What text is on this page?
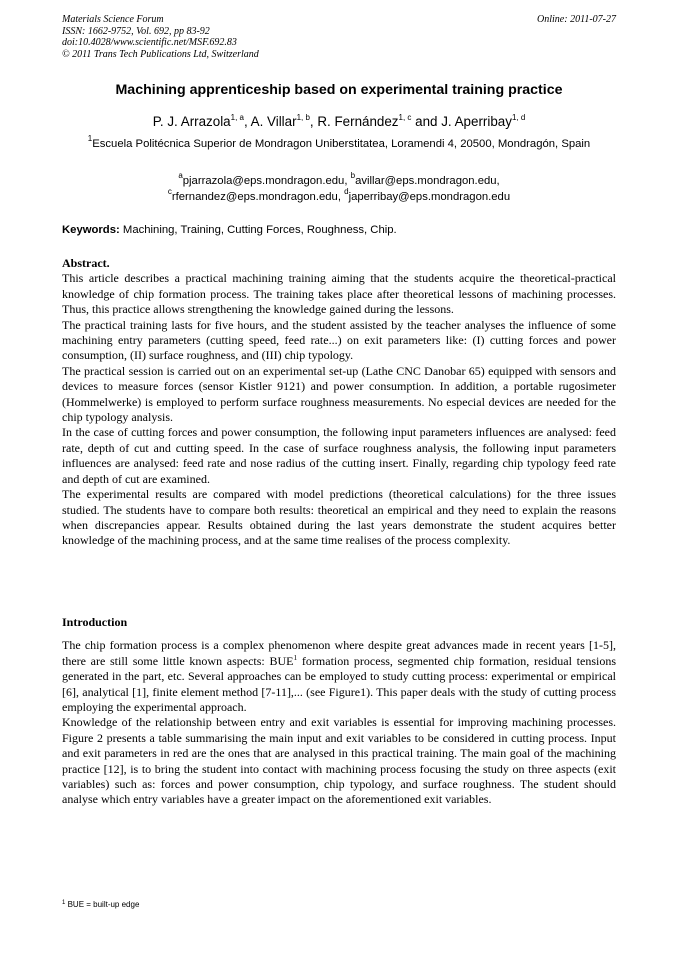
Materials Science Forum
ISSN: 1662-9752, Vol. 692, pp 83-92
doi:10.4028/www.scientific.net/MSF.692.83
© 2011 Trans Tech Publications Ltd, Switzerland
Online: 2011-07-27
Machining apprenticeship based on experimental training practice
P. J. Arrazola$^{1, a}$, A. Villar$^{1, b}$, R. Fernández$^{1, c}$ and J. Aperribay$^{1, d}$
$^1$Escuela Politécnica Superior de Mondragon Uniberstitatea, Loramendi 4, 20500, Mondragón, Spain
$^a$pjarrazola@eps.mondragon.edu, $^b$avillar@eps.mondragon.edu,
$^c$rfernandez@eps.mondragon.edu, $^d$japerribay@eps.mondragon.edu
Keywords: Machining, Training, Cutting Forces, Roughness, Chip.
Abstract.

This article describes a practical machining training aiming that the students acquire the theoretical-practical knowledge of chip formation process. The training takes place after theoretical lessons of machining processes. Thus, this practice allows strengthening the knowledge gained during the lessons.

The practical training lasts for five hours, and the student assisted by the teacher analyses the influence of some machining entry parameters (cutting speed, feed rate...) on exit parameters like: (I) cutting forces and power consumption, (II) surface roughness, and (III) chip typology.

The practical session is carried out on an experimental set-up (Lathe CNC Danobar 65) equipped with sensors and devices to measure forces (sensor Kistler 9121) and power consumption. In addition, a portable rugosimeter (Hommelwerke) is employed to perform surface roughness measurements. No especial devices are needed for the chip typology analysis.

In the case of cutting forces and power consumption, the following input parameters influences are analysed: feed rate, depth of cut and cutting speed. In the case of surface roughness analysis, the following input parameters influences are analysed: feed rate and nose radius of the cutting insert. Finally, regarding chip typology feed rate and depth of cut are examined.

The experimental results are compared with model predictions (theoretical calculations) for the three issues studied. The students have to compare both results: theoretical an empirical and they need to explain the reasons when discrepancies appear. Results obtained during the last years demonstrate the student acquires better knowledge of the machining process, and at the same time realises of the process complexity.

Introduction

The chip formation process is a complex phenomenon where despite great advances made in recent years [1-5], there are still some little known aspects: BUE$^1$ formation process, segmented chip formation, residual tensions generated in the part, etc. Several approaches can be employed to study cutting process: experimental or empirical [6], analytical [1], finite element method [7-11],... (see Figure1). This paper deals with the study of cutting process employing the experimental approach.

Knowledge of the relationship between entry and exit variables is essential for improving machining processes. Figure 2 presents a table summarising the main input and exit variables to be considered in cutting process. Input and exit parameters in red are the ones that are analysed in this practical training. The main goal of the machining practice [12], is to bring the student into contact with machining process focusing the study on three aspects (exit variables) such as: forces and power consumption, chip typology, and surface roughness. The student should analyse which entry variables have a greater impact on the aforementioned exit variables.

$^1$ BUE = built-up edge
